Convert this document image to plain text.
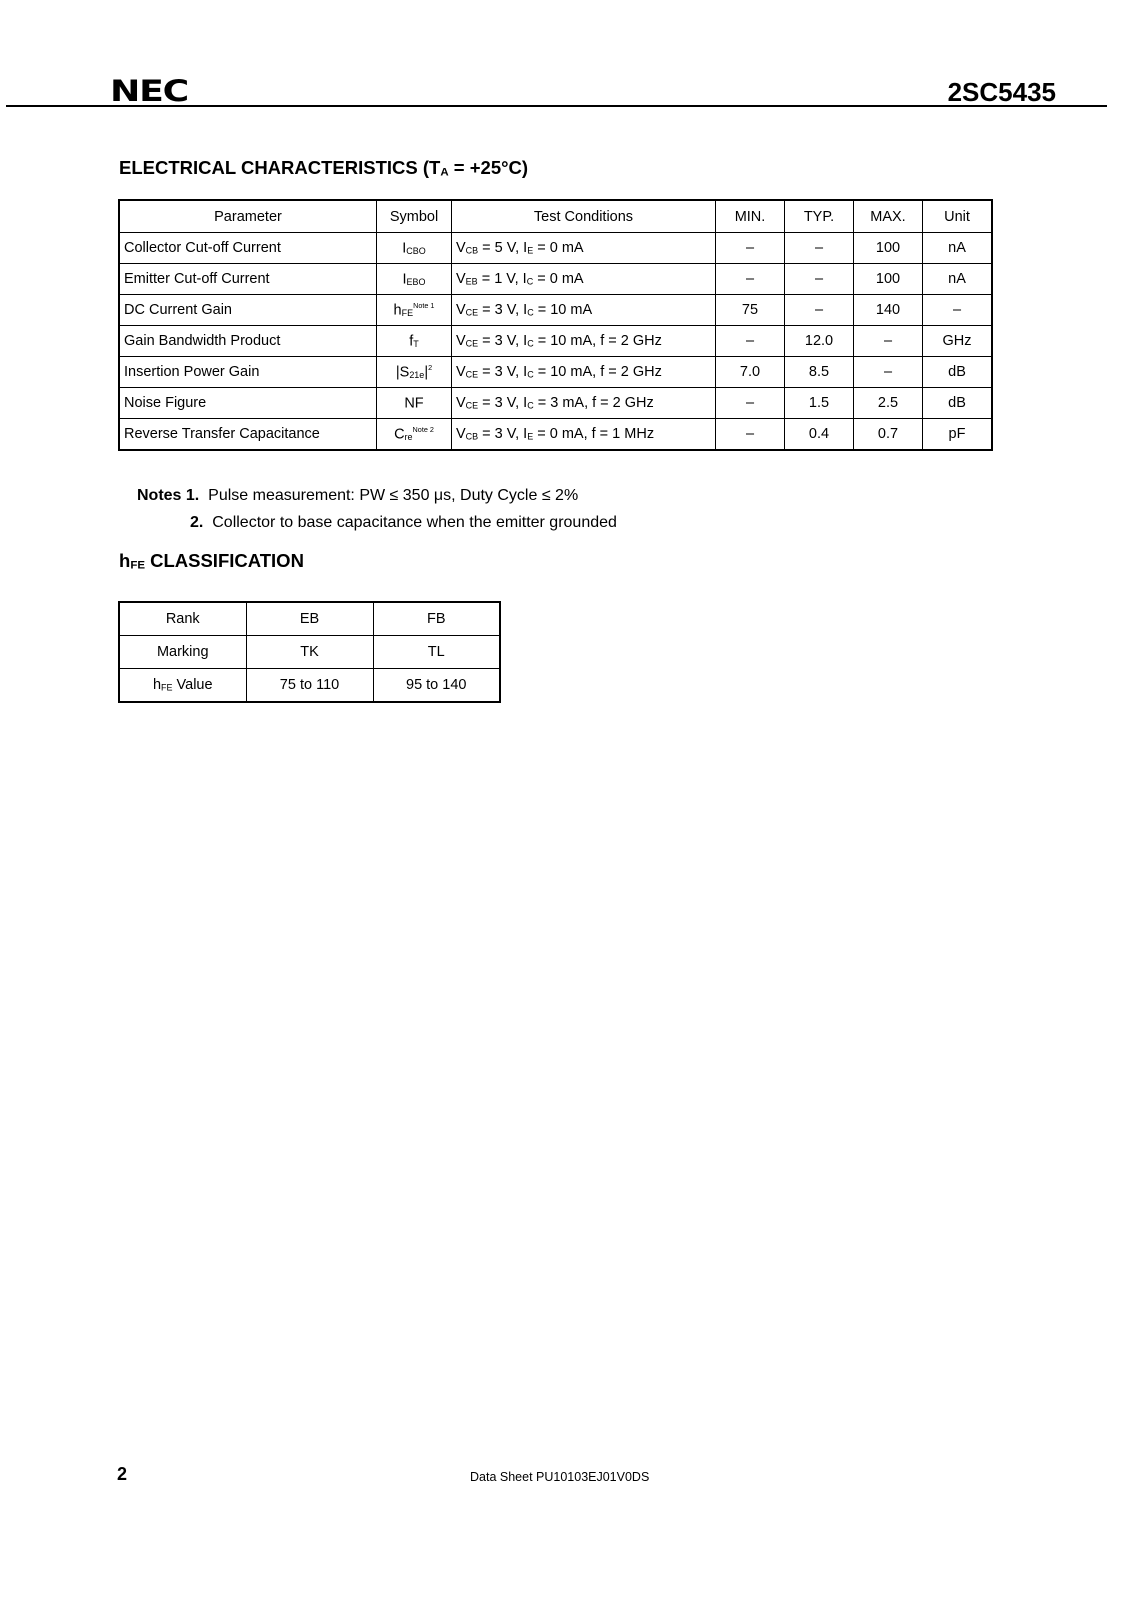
NEC	2SC5435
ELECTRICAL CHARACTERISTICS (TA = +25°C)
Parameter	Symbol	Test Conditions	MIN.	TYP.	MAX.	Unit
Collector Cut-off Current	ICBO	VCB = 5 V, IE = 0 mA	–	–	100	nA
Emitter Cut-off Current	IEBO	VEB = 1 V, IC = 0 mA	–	–	100	nA
DC Current Gain	hFE$^{Note 1}$	VCE = 3 V, IC = 10 mA	75	–	140	–
Gain Bandwidth Product	fT	VCE = 3 V, IC = 10 mA, f = 2 GHz	–	12.0	–	GHz
Insertion Power Gain	$|S21e|^2$	VCE = 3 V, IC = 10 mA, f = 2 GHz	7.0	8.5	–	dB
Noise Figure	NF	VCE = 3 V, IC = 3 mA, f = 2 GHz	–	1.5	2.5	dB
Reverse Transfer Capacitance	Cre$^{Note 2}$	VCB = 3 V, IE = 0 mA, f = 1 MHz	–	0.4	0.7	pF
Notes 1. Pulse measurement: PW ≤ 350 μs, Duty Cycle ≤ 2%
2. Collector to base capacitance when the emitter grounded
hFE CLASSIFICATION
Rank	EB	FB
Marking	TK	TL
hFE Value	75 to 110	95 to 140
2	Data Sheet PU10103EJ01V0DS
